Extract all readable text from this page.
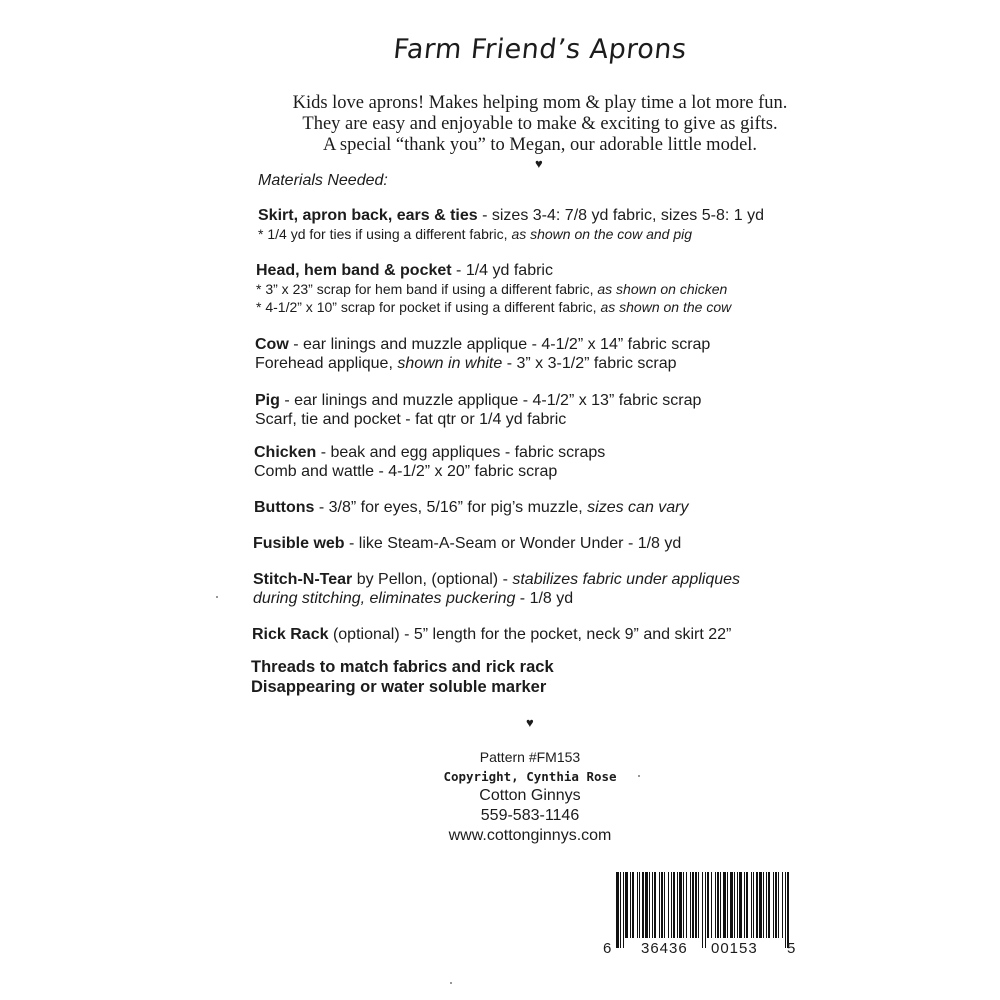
Farm Friend’s Aprons
Kids love aprons! Makes helping mom & play time a lot more fun.
They are easy and enjoyable to make & exciting to give as gifts.
A special “thank you” to Megan, our adorable little model.
♥
Materials Needed:
Skirt, apron back, ears & ties - sizes 3-4: 7/8 yd fabric, sizes 5-8: 1 yd
* 1/4 yd for ties if using a different fabric, as shown on the cow and pig
Head, hem band & pocket - 1/4 yd fabric
* 3” x 23” scrap for hem band if using a different fabric, as shown on chicken
* 4-1/2” x 10” scrap for pocket if using a different fabric, as shown on the cow
Cow - ear linings and muzzle applique - 4-1/2” x 14” fabric scrap
Forehead applique, shown in white - 3” x 3-1/2” fabric scrap
Pig - ear linings and muzzle applique - 4-1/2” x 13” fabric scrap
Scarf, tie and pocket - fat qtr or 1/4 yd fabric
Chicken - beak and egg appliques - fabric scraps
Comb and wattle - 4-1/2” x 20” fabric scrap
Buttons - 3/8” for eyes, 5/16” for pig’s muzzle, sizes can vary
Fusible web - like Steam-A-Seam or Wonder Under - 1/8 yd
Stitch-N-Tear by Pellon, (optional) - stabilizes fabric under appliques
during stitching, eliminates puckering - 1/8 yd
Rick Rack (optional) - 5” length for the pocket, neck 9” and skirt 22”
Threads to match fabrics and rick rack
Disappearing or water soluble marker
♥
Pattern #FM153
Copyright, Cynthia Rose
Cotton Ginnys
559-583-1146
www.cottonginnys.com
6 36436 00153 5
